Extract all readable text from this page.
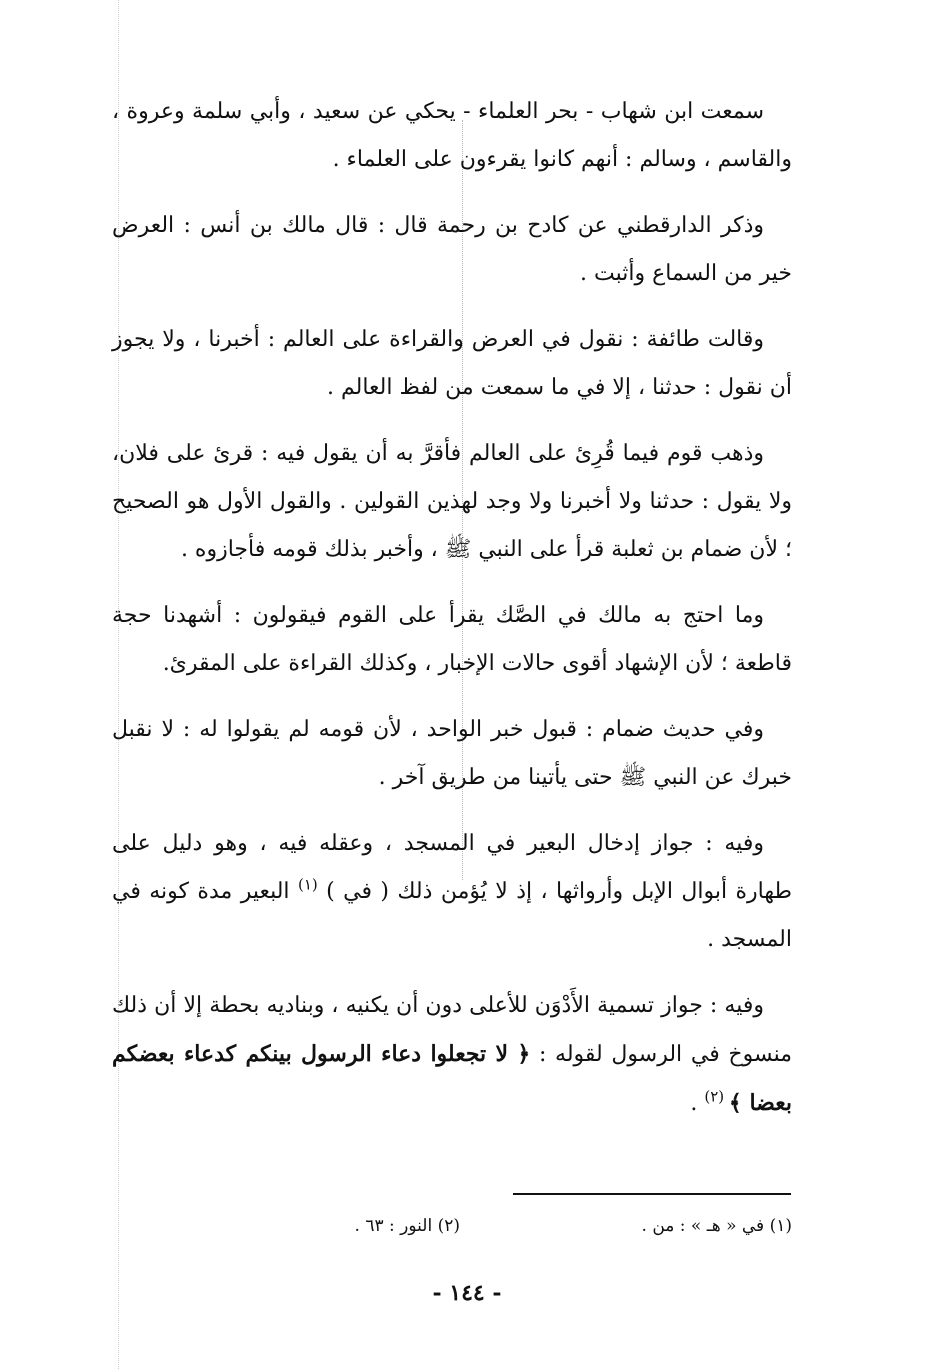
سمعت ابن شهاب - بحر العلماء - يحكي عن سعيد ، وأبي سلمة وعروة ، والقاسم ، وسالم : أنهم كانوا يقرءون على العلماء .

وذكر الدارقطني عن كادح بن رحمة قال : قال مالك بن أنس : العرض خير من السماع وأثبت .

وقالت طائفة : نقول في العرض والقراءة على العالم : أخبرنا ، ولا يجوز أن نقول : حدثنا ، إلا في ما سمعت من لفظ العالم .

وذهب قوم فيما قُرِئ على العالم فأقرَّ به أن يقول فيه : قرئ على فلان، ولا يقول : حدثنا ولا أخبرنا ولا وجد لهذين القولين . والقول الأول هو الصحيح ؛ لأن ضمام بن ثعلبة قرأ على النبي ﷺ ، وأخبر بذلك قومه فأجازوه .

وما احتج به مالك في الصَّك يقرأ على القوم فيقولون : أشهدنا حجة قاطعة ؛ لأن الإشهاد أقوى حالات الإخبار ، وكذلك القراءة على المقرئ.

وفي حديث ضمام : قبول خبر الواحد ، لأن قومه لم يقولوا له : لا نقبل خبرك عن النبي ﷺ حتى يأتينا من طريق آخر .

وفيه : جواز إدخال البعير في المسجد ، وعقله فيه ، وهو دليل على طهارة أبوال الإبل وأرواثها ، إذ لا يُؤمن ذلك ( في ) $^{(١)}$ البعير مدة كونه في المسجد .

وفيه : جواز تسمية الأَدْوَن للأعلى دون أن يكنيه ، وبناديه بحطة إلا أن ذلك منسوخ في الرسول لقوله : ﴿ لا تجعلوا دعاء الرسول بينكم كدعاء بعضكم بعضا ﴾ $^{(٢)}$ .

(١) في « هـ » : من .
(٢) النور : ٦٣ .
- ١٤٤ -
